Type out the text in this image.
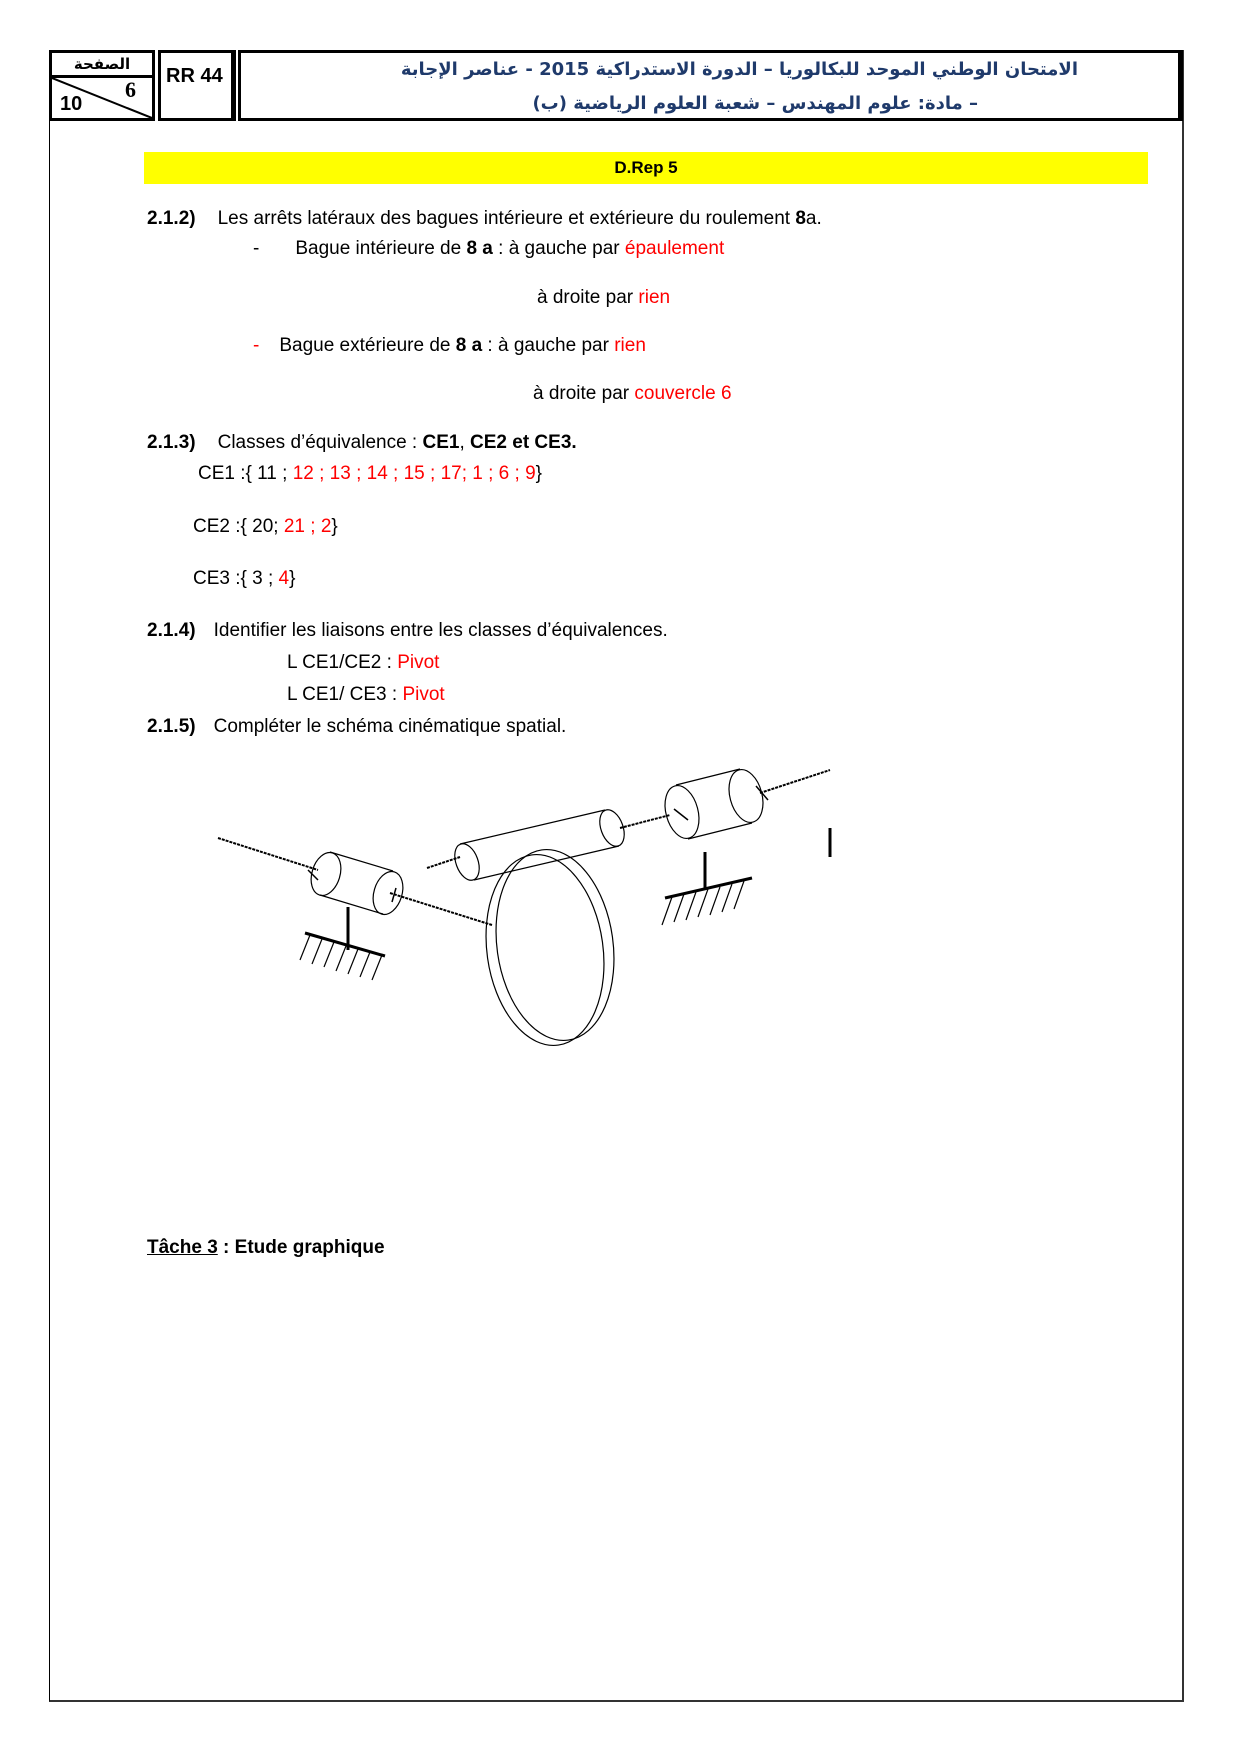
الصفحة
6
10
RR 44	الامتحان الوطني الموحد للبكالوريا – الدورة الاستدراكية 2015 - عناصر الإجابة
– مادة: علوم المهندس – شعبة العلوم الرياضية (ب)
D.Rep 5
2.1.2) Les arrêts latéraux des bagues intérieure et extérieure du roulement 8a.
- Bague intérieure de 8 a : à gauche par épaulement
à droite par rien
- Bague extérieure de 8 a : à gauche par rien
à droite par couvercle 6
2.1.3) Classes d’équivalence : CE1, CE2 et CE3.
CE1 :{ 11 ; 12 ; 13 ; 14 ; 15 ; 17; 1 ; 6 ; 9}
CE2 :{ 20; 21 ; 2}
CE3 :{ 3 ; 4}
2.1.4) Identifier les liaisons entre les classes d’équivalences.
L CE1/CE2 : Pivot
L CE1/ CE3 : Pivot
2.1.5) Compléter le schéma cinématique spatial.
Tâche 3 : Etude graphique
